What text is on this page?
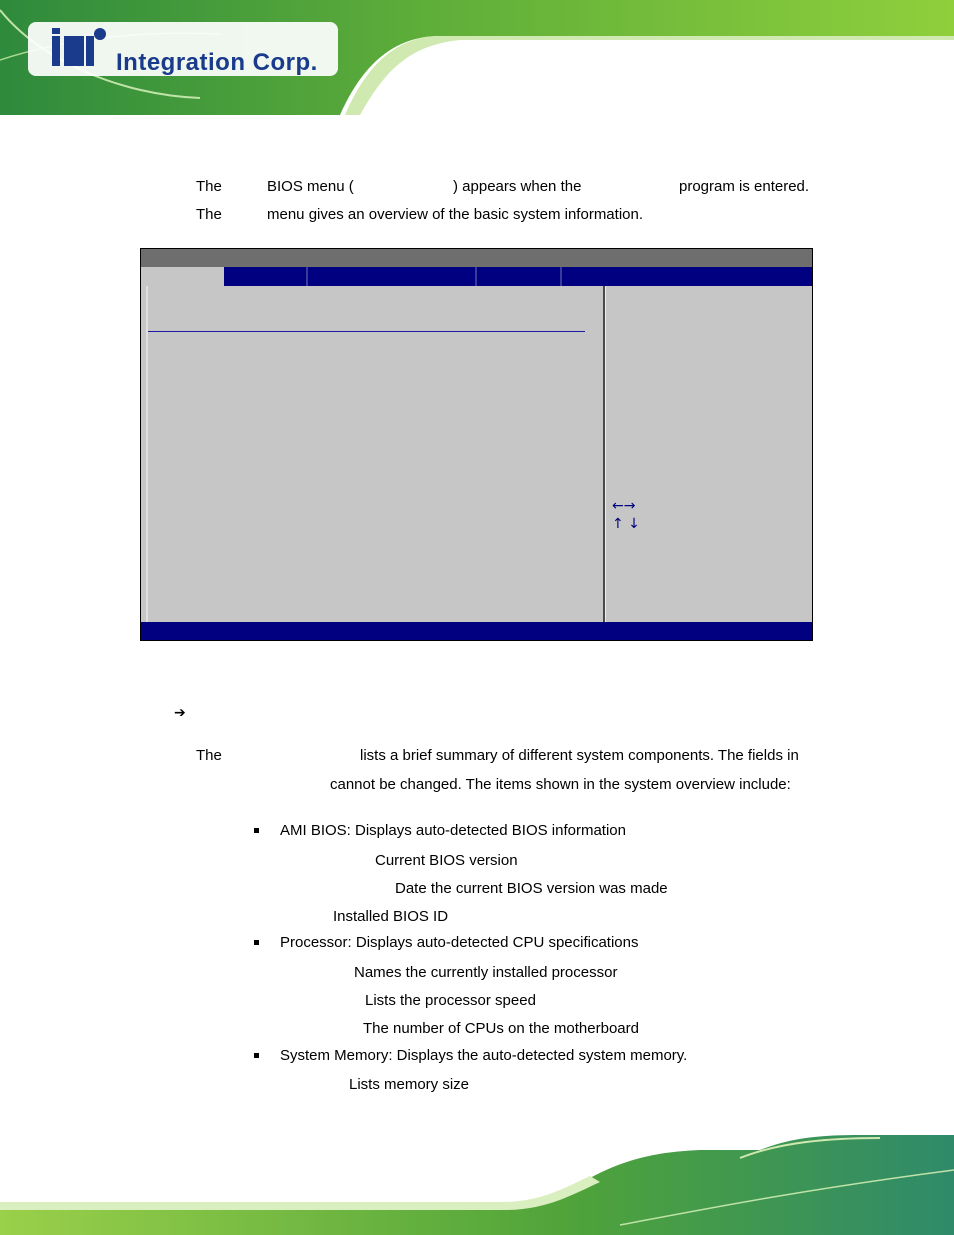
Integration Corp.
The	BIOS menu (	) appears when the	program is entered.
The	menu gives an overview of the basic system information.
←→
↑ ↓
➔
The	lists a brief summary of different system components. The fields in
cannot be changed. The items shown in the system overview include:
AMI BIOS: Displays auto-detected BIOS information
Current BIOS version
Date the current BIOS version was made
Installed BIOS ID
Processor: Displays auto-detected CPU specifications
Names the currently installed processor
Lists the processor speed
The number of CPUs on the motherboard
System Memory: Displays the auto-detected system memory.
Lists memory size
